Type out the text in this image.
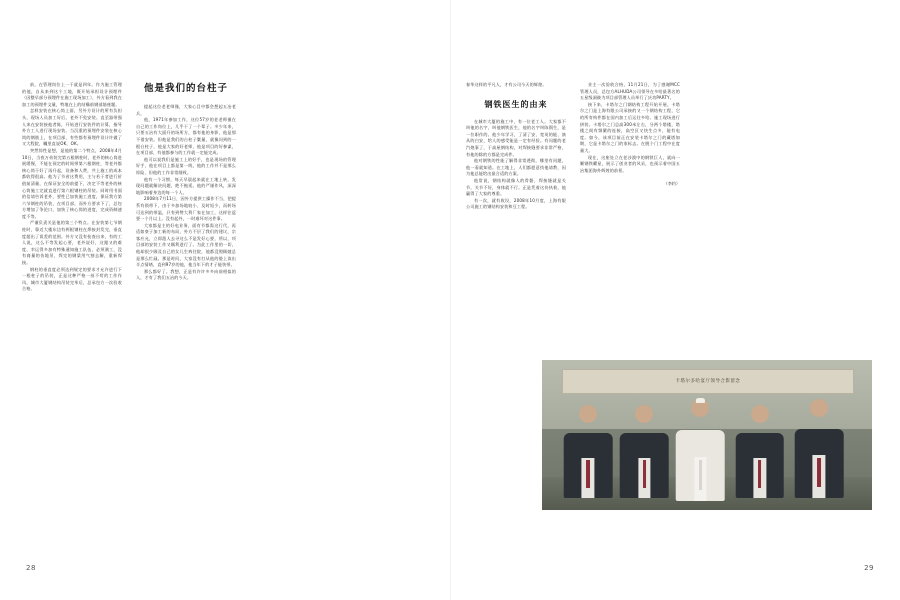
前，在管理岗位上一干就是四年。作为施工管理的他，自从来到这个工地，既开始承担设计预埋件（因整早部分预埋件在施工现场加工），外方看到我在加工的预埋件文量，特地在上的结構前钢部筋座题。
怎样安装在核心筒上面，另外方设计的所有负担头，现场人员加工好后，老外不免安装。直至器带强人来在安装接他者陈，开始进行安装件的计算，指导外方工人进行现场安装。当沉重的预埋件安装在核心筒的钢筋上，在项目部、有些都有预埋件设计许做了又大程院，曬里直说OK，OK。
突然惊性是想，是他的第二个特点，2008年4月10日，当夜万弟装完第五根钢柱时，老外的核心筒进展缓慢，不能在预定的时间带第六根钢柱，等老外都核心筒干好了再升起，设备和人费，共上施工的成本都收得很高。他为了节省这费用，主与若干者进行价值前清量，在保证安全的前提下，决定不等老外的核心筒施工完就直进行第六根钢柱的吊装。同时用书面的信请告诉老外，要性已加快施工进度，保证我方第六节钢柱的吊装，在项目部，而外方要求下了，总包方增加了争论口，加快了核心筒的进度，完成资制速度不等。
严谨负责关是他的第三个特点。在安装第七节钢柱时，靠近大楼东边有两根钢柱在焊接封发完，垂直度超出了误差的范围。外方又没有检查出来，有的工人说，这么不等发起心要，老外说好，这跟又的难度，幸运得多加有特殊通知施工队伍，必须满工，没有商量的仿地吊，焊完的钢梁用气割去解，重新焊接。
钢柱的垂直度必须达到规定的要求才允许进行下一根柱子的吊装，正是这种严格一丝不苟的工作作风，城市大厦钢结构吊装完毕后，总承包方一次验收合格。
他是我们的台柱子
提起这位老老师僅，大家心目中都会想起五冶老兵。
他，1971年参加工作，这位57岁的老老师僅在自己的工作岗位上，几乎干了一个辈子。多少年来，只要五冶有大面升的场所方，都有他的身影，他是那不借安装。但他是我们的台柱子橐量，就像问到的一根台柱子，他是大家的好老师，他是项目的好参谋，在项目部，有他都参与的工作就一定能完成。
他可以说我们是施工上的好手，也是现场的管理好手，他在项目上都是第一线，他的工作并不是那么惊险，但他的工作非常细致。
他有一个习惯，每天早晨起来就在工地上转，发现问题就解决问题，绝不拖延。他的严谨作风，深深地影响着身边的每一个人。
2008年7月11日，因外方提供工操作不当，把提系有锁带下，由于多加场地较小、及时短少，而转场可达到的带温，只有到赞大利厂家在加工，这样往返要一个月以上。没有起外，一时难坏对这件事。
大家都是主的好电业务，面有节都需这行代，再适如豪子加工新的布局，外方不层了我们的建议，宗客应允，立即派人去寻这么不是发好心要，所以，项目部的安装工作又顺利进行了。为此工作里的一切，他却很少顾及自己的女儿生病住院，他都没照顾她总是那么忙碌。那是时问，大家没有打从他的脸上读出半点情绪，直到97岁的他，他当年下的才子能快带。
那么都好了。我想，正是有许许多多向前相似的人，才有了我们五冶的今天。
28
春华这样的平凡人，才有公司今天的辉煌。
钢铁医生的由来
在城市大厦的施工中，有一位老工人。大家都不叫他的名字，叫他钢铁医生，他的名字叫陈锅生，是一位职作的。他少年学习，了清了安、宽英的能、演从的白安，给人的感受能是一定有经验。有问题的老汽炮事了，于高屋钢结构，对焊接缝要求非常严格，有他的除的方都是完成件。
他对钢铁的性能了解得非常透彻，哪里有问题，他一看就知道。在工地上，人们都愿意找他请教，因为他总能给出最合适的方案。
他常说，钢结构就像人的骨骼，焊接缝就是关节，关节不好，身体就不行。正是凭着这份执着，他赢得了大家的尊重。
有一次，就有收设，2008年10月度，上海有限公司施工的钢结构安装和豆工程。
业主一次验收合格，11月21日，为了感谢MCC管理人员，总包方ALHUDA公司领导在多哈最著名的五星级洞筱为项目部管理人员举行了庆功PARTY。
接下来，卡塔尔之门钢结构工程开始开展。卡塔尔之门是上海有限公司承接的又一个钢结构工程，它的所有构件都在国内加工后运往多哈。施工现场进行拼装。卡塔尔之门总高300米左右，分两个塔楼，塔楼之间有频繁的连接，高空区又快生点多，能有电度。如今，该项目前正在安装卡塔尔之门的藏塔如期，它是卡塔尔之门的家标志。在脱个门工程中在度量大。
现在，这座处立在老沙漠中的钢铁巨人，就向一颗钢铁曜星，展示了创业者的风采，也预示着中国五冶集团海外辉煌的前景。
（李约）
卡塔尔多哈宴厅领导合影留念
29
